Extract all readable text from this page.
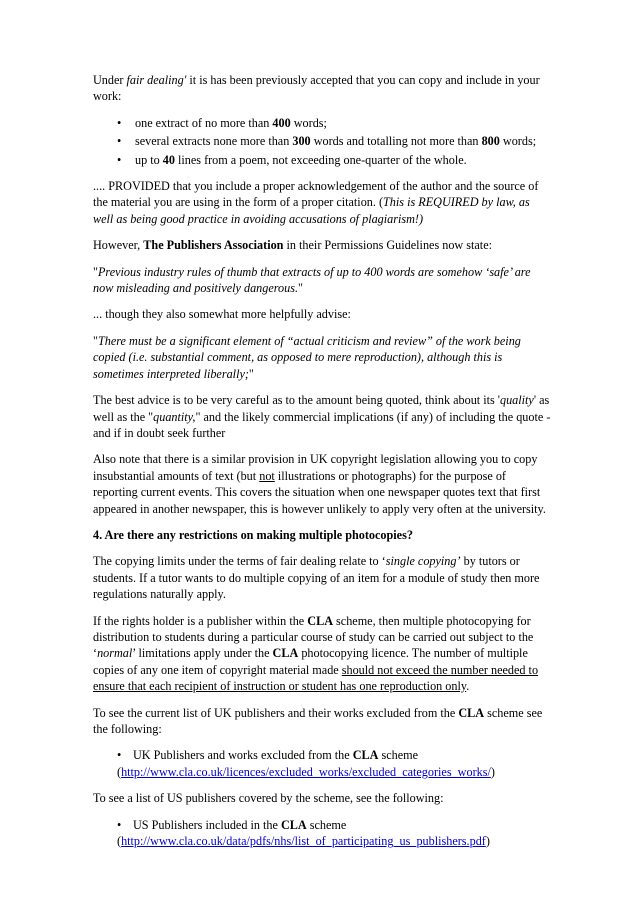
Under fair dealing' it is has been previously accepted that you can copy and include in your work:

• one extract of no more than 400 words;
• several extracts none more than 300 words and totalling not more than 800 words;
• up to 40 lines from a poem, not exceeding one-quarter of the whole.

.... PROVIDED that you include a proper acknowledgement of the author and the source of the material you are using in the form of a proper citation. (This is REQUIRED by law, as well as being good practice in avoiding accusations of plagiarism!)

However, The Publishers Association in their Permissions Guidelines now state:

"Previous industry rules of thumb that extracts of up to 400 words are somehow ‘safe’ are now misleading and positively dangerous."

... though they also somewhat more helpfully advise:

"There must be a significant element of “actual criticism and review” of the work being copied (i.e. substantial comment, as opposed to mere reproduction), although this is sometimes interpreted liberally;"

The best advice is to be very careful as to the amount being quoted, think about its 'quality' as well as the "quantity," and the likely commercial implications (if any) of including the quote - and if in doubt seek further

Also note that there is a similar provision in UK copyright legislation allowing you to copy insubstantial amounts of text (but not illustrations or photographs) for the purpose of reporting current events. This covers the situation when one newspaper quotes text that first appeared in another newspaper, this is however unlikely to apply very often at the university.

4. Are there any restrictions on making multiple photocopies?

The copying limits under the terms of fair dealing relate to ‘single copying’ by tutors or students. If a tutor wants to do multiple copying of an item for a module of study then more regulations naturally apply.

If the rights holder is a publisher within the CLA scheme, then multiple photocopying for distribution to students during a particular course of study can be carried out subject to the ‘normal’ limitations apply under the CLA photocopying licence. The number of multiple copies of any one item of copyright material made should not exceed the number needed to ensure that each recipient of instruction or student has one reproduction only.

To see the current list of UK publishers and their works excluded from the CLA scheme see the following:

• UK Publishers and works excluded from the CLA scheme
(http://www.cla.co.uk/licences/excluded_works/excluded_categories_works/)

To see a list of US publishers covered by the scheme, see the following:

• US Publishers included in the CLA scheme
(http://www.cla.co.uk/data/pdfs/nhs/list_of_participating_us_publishers.pdf)
